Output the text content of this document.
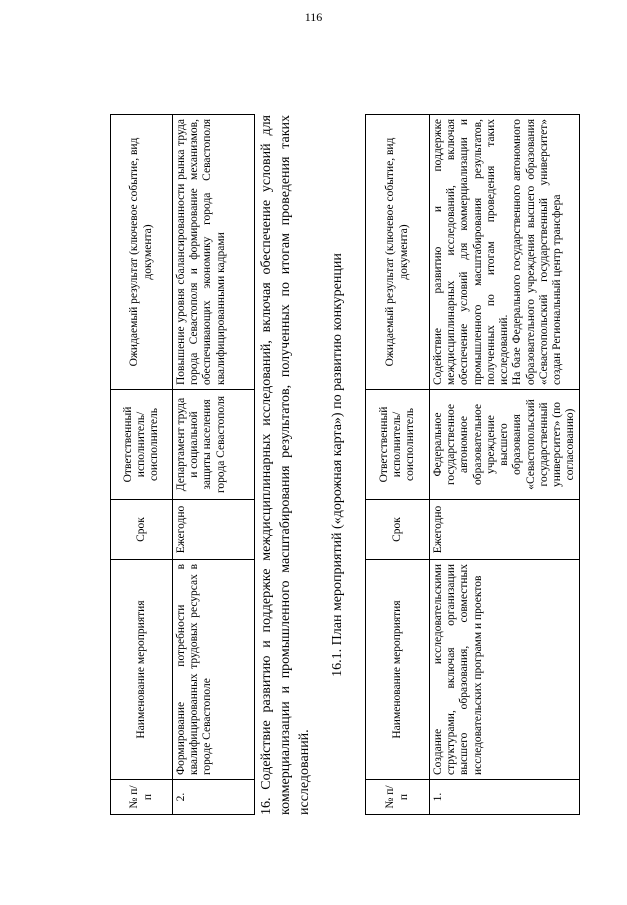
116
№ п/п	Наименование мероприятия	Срок	Ответственный исполнитель/ соисполнитель	Ожидаемый результат (ключевое событие, вид документа)
2.	Формирование потребности в квалифицированных трудовых ресурсах в городе Севастополе	Ежегодно	Департамент труда и социальной защиты населения города Севастополя	Повышение уровня сбалансированности рынка труда города Севастополя и формирование механизмов, обеспечивающих экономику города Севастополя квалифицированными кадрами 16. Содействие развитию и поддержке междисциплинарных исследований, включая обеспечение условий для коммерциализации и промышленного масштабирования результатов, полученных по итогам проведения таких исследований.
16.1. План мероприятий («дорожная карта») по развитию конкуренции
№ п/п	Наименование мероприятия	Срок	Ответственный исполнитель/ соисполнитель	Ожидаемый результат (ключевое событие, вид документа)
1.	Создание исследовательскими структурами, включая организации высшего образования, совместных исследовательских программ и проектов	Ежегодно	Федеральное государственное автономное образовательное учреждение высшего образования «Севастопольский государственный университет» (по согласованию)	Содействие развитию и поддержке междисциплинарных исследований, включая обеспечение условий для коммерциализации и промышленного масштабирования результатов, полученных по итогам проведения таких исследований. На базе Федерального государственного автономного образовательного учреждения высшего образования «Севастопольский государственный университет» создан Региональный центр трансфера
